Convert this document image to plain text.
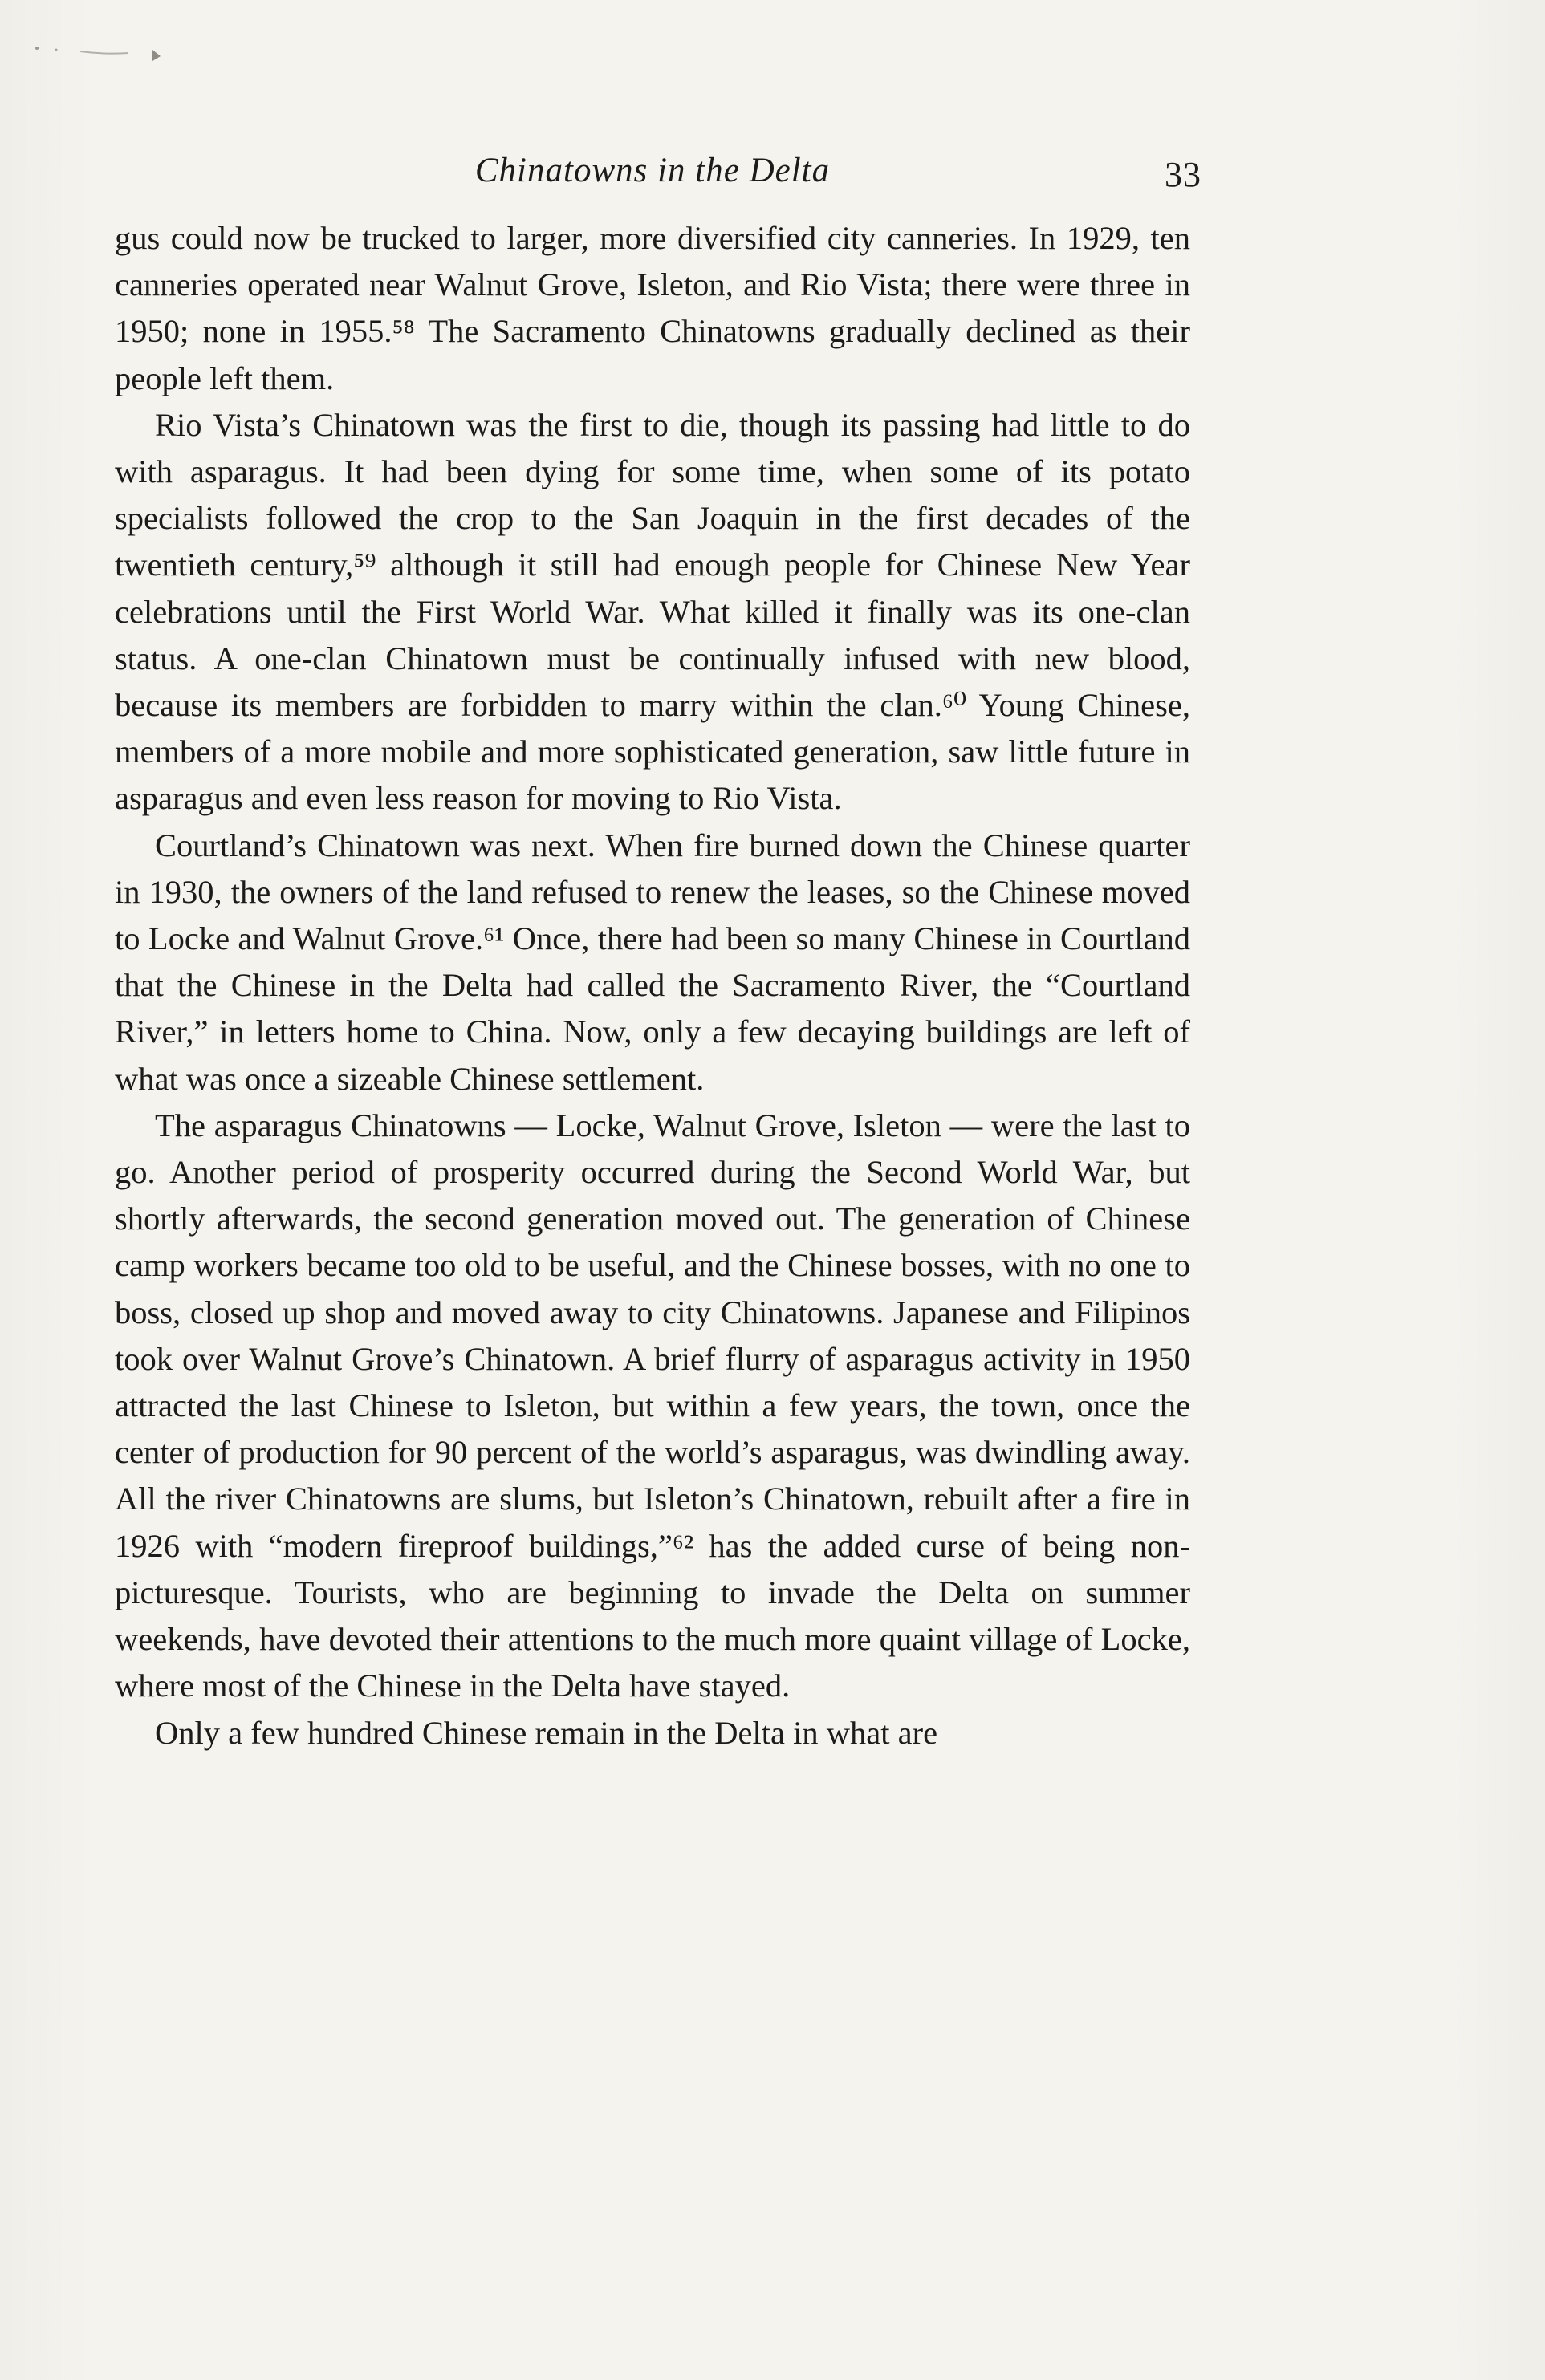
Chinatowns in the Delta	33

gus could now be trucked to larger, more diversified city canneries. In 1929, ten canneries operated near Walnut Grove, Isleton, and Rio Vista; there were three in 1950; none in 1955.⁵⁸ The Sacramento Chinatowns gradually declined as their people left them.

Rio Vista’s Chinatown was the first to die, though its passing had little to do with asparagus. It had been dying for some time, when some of its potato specialists followed the crop to the San Joaquin in the first decades of the twentieth century,⁵⁹ although it still had enough people for Chinese New Year celebrations until the First World War. What killed it finally was its one-clan status. A one-clan Chinatown must be continually infused with new blood, because its members are forbidden to marry within the clan.⁶⁰ Young Chinese, members of a more mobile and more sophisticated generation, saw little future in asparagus and even less reason for moving to Rio Vista.

Courtland’s Chinatown was next. When fire burned down the Chinese quarter in 1930, the owners of the land refused to renew the leases, so the Chinese moved to Locke and Walnut Grove.⁶¹ Once, there had been so many Chinese in Courtland that the Chinese in the Delta had called the Sacramento River, the “Courtland River,” in letters home to China. Now, only a few decaying buildings are left of what was once a sizeable Chinese settlement.

The asparagus Chinatowns — Locke, Walnut Grove, Isleton — were the last to go. Another period of prosperity occurred during the Second World War, but shortly afterwards, the second generation moved out. The generation of Chinese camp workers became too old to be useful, and the Chinese bosses, with no one to boss, closed up shop and moved away to city Chinatowns. Japanese and Filipinos took over Walnut Grove’s Chinatown. A brief flurry of asparagus activity in 1950 attracted the last Chinese to Isleton, but within a few years, the town, once the center of production for 90 percent of the world’s asparagus, was dwindling away. All the river Chinatowns are slums, but Isleton’s Chinatown, rebuilt after a fire in 1926 with “modern fireproof buildings,”⁶² has the added curse of being non-picturesque. Tourists, who are beginning to invade the Delta on summer weekends, have devoted their attentions to the much more quaint village of Locke, where most of the Chinese in the Delta have stayed.

Only a few hundred Chinese remain in the Delta in what are
